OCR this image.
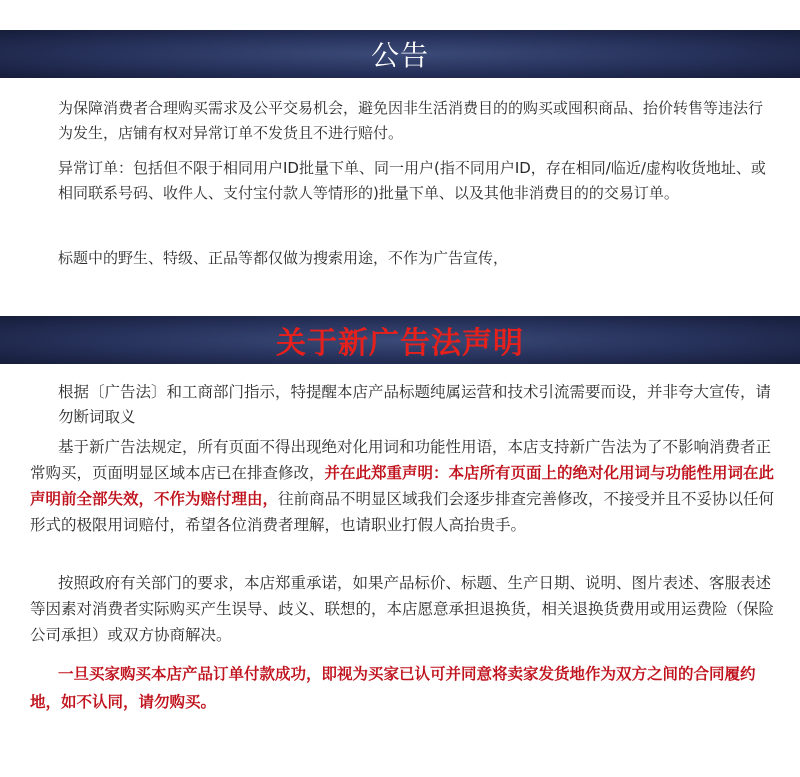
公告

为保障消费者合理购买需求及公平交易机会，避免因非生活消费目的的购买或囤积商品、抬价转售等违法行为发生，店铺有权对异常订单不发货且不进行赔付。

异常订单：包括但不限于相同用户ID批量下单、同一用户(指不同用户ID，存在相同/临近/虚构收货地址、或相同联系号码、收件人、支付宝付款人等情形的)批量下单、以及其他非消费目的的交易订单。

标题中的野生、特级、正品等都仅做为搜索用途，不作为广告宣传，

关于新广告法声明

根据〔广告法〕和工商部门指示，特提醒本店产品标题纯属运营和技术引流需要而设，并非夸大宣传，请勿断词取义

基于新广告法规定，所有页面不得出现绝对化用词和功能性用语，本店支持新广告法为了不影响消费者正常购买，页面明显区域本店已在排查修改，并在此郑重声明：本店所有页面上的绝对化用词与功能性用词在此声明前全部失效，不作为赔付理由，往前商品不明显区域我们会逐步排查完善修改，不接受并且不妥协以任何形式的极限用词赔付，希望各位消费者理解，也请职业打假人高抬贵手。

按照政府有关部门的要求，本店郑重承诺，如果产品标价、标题、生产日期、说明、图片表述、客服表述等因素对消费者实际购买产生误导、歧义、联想的，本店愿意承担退换货，相关退换货费用或用运费险（保险公司承担）或双方协商解决。

一旦买家购买本店产品订单付款成功，即视为买家已认可并同意将卖家发货地作为双方之间的合同履约地，如不认同，请勿购买。
